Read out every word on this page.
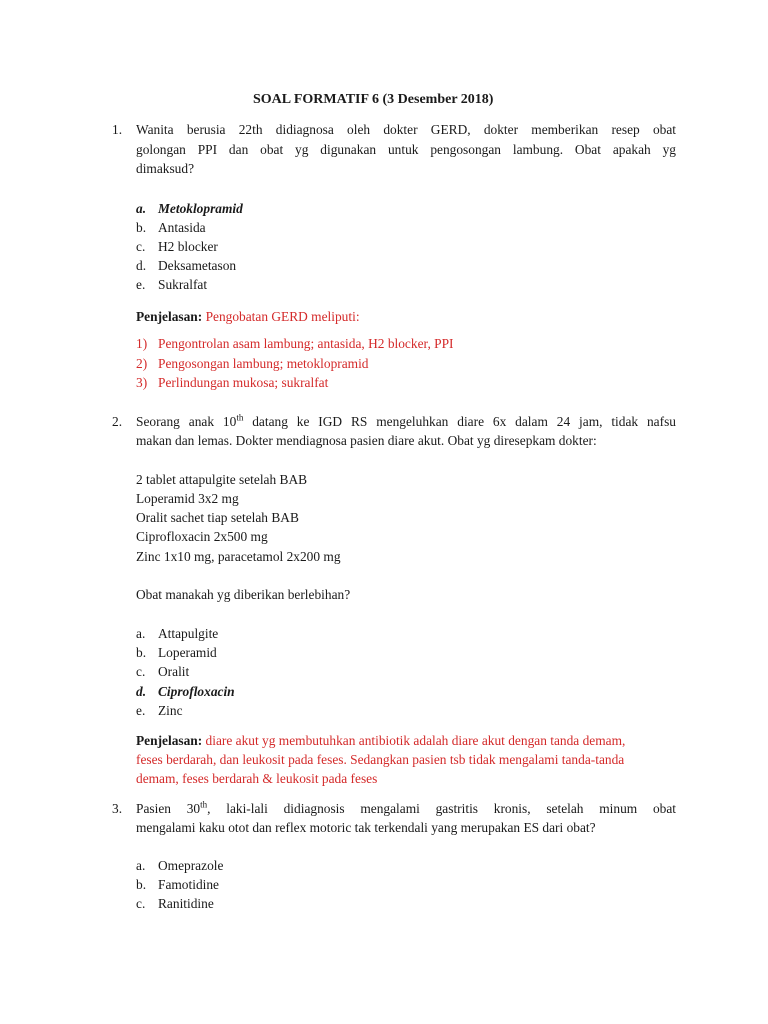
SOAL FORMATIF 6 (3 Desember 2018)
1.	Wanita berusia 22th didiagnosa oleh dokter GERD, dokter memberikan resep obat
golongan PPI dan obat yg digunakan untuk pengosongan lambung. Obat apakah yg
dimaksud?
a. Metoklopramid
b. Antasida
c. H2 blocker
d. Deksametason
e. Sukralfat
Penjelasan: Pengobatan GERD meliputi:
1) Pengontrolan asam lambung; antasida, H2 blocker, PPI
2) Pengosongan lambung; metoklopramid
3) Perlindungan mukosa; sukralfat
2.	Seorang anak 10th datang ke IGD RS mengeluhkan diare 6x dalam 24 jam, tidak nafsu
makan dan lemas. Dokter mendiagnosa pasien diare akut. Obat yg diresepkam dokter:
2 tablet attapulgite setelah BAB
Loperamid 3x2 mg
Oralit sachet tiap setelah BAB
Ciprofloxacin 2x500 mg
Zinc 1x10 mg, paracetamol 2x200 mg
Obat manakah yg diberikan berlebihan?
a. Attapulgite
b. Loperamid
c. Oralit
d. Ciprofloxacin
e. Zinc
Penjelasan: diare akut yg membutuhkan antibiotik adalah diare akut dengan tanda demam,
feses berdarah, dan leukosit pada feses. Sedangkan pasien tsb tidak mengalami tanda-tanda
demam, feses berdarah & leukosit pada feses
3.	Pasien 30th, laki-lali didiagnosis mengalami gastritis kronis, setelah minum obat
mengalami kaku otot dan reflex motoric tak terkendali yang merupakan ES dari obat?
a. Omeprazole
b. Famotidine
c. Ranitidine
